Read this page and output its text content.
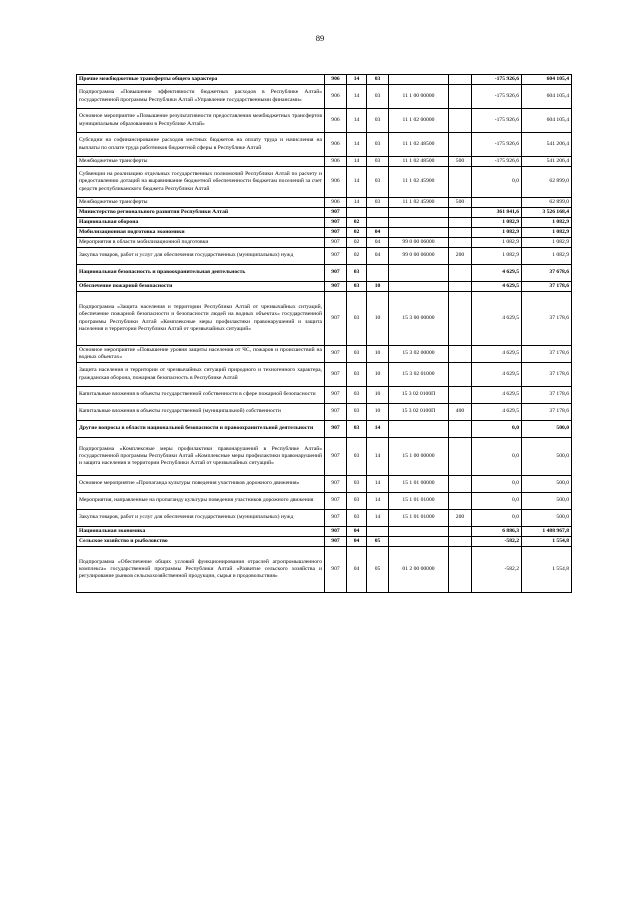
89
Прочие межбюджетные трансферты общего характера	906	14	03			-175 926,6	604 105,4
Подпрограмма «Повышение эффективности бюджетных расходов в Республике Алтай» государственной программы Республики Алтай «Управление государственными финансами»	906	14	03	11 1 00 00000		-175 926,6	604 105,4
Основное мероприятие «Повышение результативности предоставления межбюджетных трансфертов муниципальным образованиям в Республике Алтай»	906	14	03	11 1 02 00000		-175 926,6	604 105,4
Субсидии на софинансирование расходов местных бюджетов на оплату труда и начисления на выплаты по оплате труда работников бюджетной сферы в Республике Алтай	906	14	03	11 1 02 48500		-175 926,6	541 206,4
Межбюджетные трансферты	906	14	03	11 1 02 48500	500	-175 926,6	541 206,4
Субвенции на реализацию отдельных государственных полномочий Республики Алтай по расчету и предоставлению дотаций на выравнивание бюджетной обеспеченности бюджетам поселений за счет средств республиканского бюджета Республики Алтай	906	14	03	11 1 02 45900		0,0	62 899,0
Межбюджетные трансферты	906	14	03	11 1 02 45900	500		62 899,0
Министерство регионального развития Республики Алтай	907					361 841,6	3 526 168,4
Национальная оборона	907	02				1 082,9	1 082,9
Мобилизационная подготовка экономики	907	02	04			1 082,9	1 082,9
Мероприятия в области мобилизационной подготовки	907	02	04	99 0 00 06000		1 082,9	1 082,9
Закупка товаров, работ и услуг для обеспечения государственных (муниципальных) нужд	907	02	04	99 0 00 06000	200	1 082,9	1 082,9
Национальная безопасность и правоохранительная деятельность	907	03				4 629,5	37 678,6
Обеспечение пожарной безопасности	907	03	10			4 629,5	37 178,6
Подпрограмма «Защита населения и территории Республики Алтай от чрезвычайных ситуаций, обеспечение пожарной безопасности и безопасности людей на водных объектах» государственной программы Республики Алтай «Комплексные меры профилактики правонарушений и защита населения и территории Республики Алтай от чрезвычайных ситуаций»	907	03	10	15 3 00 00000		4 629,5	37 178,6
Основное мероприятие «Повышение уровня защиты населения от ЧС, пожаров и происшествий на водных объектах»	907	03	10	15 3 02 00000		4 629,5	37 178,6
Защита населения и территории от чрезвычайных ситуаций природного и техногенного характера, гражданская оборона, пожарная безопасность в Республике Алтай	907	03	10	15 3 02 01000		4 629,5	37 178,6
Капитальные вложения в объекты государственной собственности в сфере пожарной безопасности	907	03	10	15 3 02 0100П		4 629,5	37 178,6
Капитальные вложения в объекты государственной (муниципальной) собственности	907	03	10	15 3 02 0100П	400	4 629,5	37 178,6
Другие вопросы в области национальной безопасности и правоохранительной деятельности	907	03	14			0,0	500,0
Подпрограмма «Комплексные меры профилактики правонарушений в Республике Алтай» государственной программы Республики Алтай «Комплексные меры профилактики правонарушений и защита населения и территории Республики Алтай от чрезвычайных ситуаций»	907	03	14	15 1 00 00000		0,0	500,0
Основное мероприятие «Пропаганда культуры поведения участников дорожного движения»	907	03	14	15 1 01 00000		0,0	500,0
Мероприятия, направленные на пропаганду культуры поведения участников дорожного движения	907	03	14	15 1 01 01000		0,0	500,0
Закупка товаров, работ и услуг для обеспечения государственных (муниципальных) нужд	907	03	14	15 1 01 01000	200	0,0	500,0
Национальная экономика	907	04				6 886,3	1 488 967,8
Сельское хозяйство и рыболовство	907	04	05			-582,2	1 554,8
Подпрограмма «Обеспечение общих условий функционирования отраслей агропромышленного комплекса» государственной программы Республики Алтай «Развитие сельского хозяйства и регулирование рынков сельскохозяйственной продукции, сырья и продовольствия»	907	04	05	01 2 00 00000		-582,2	1 554,8
